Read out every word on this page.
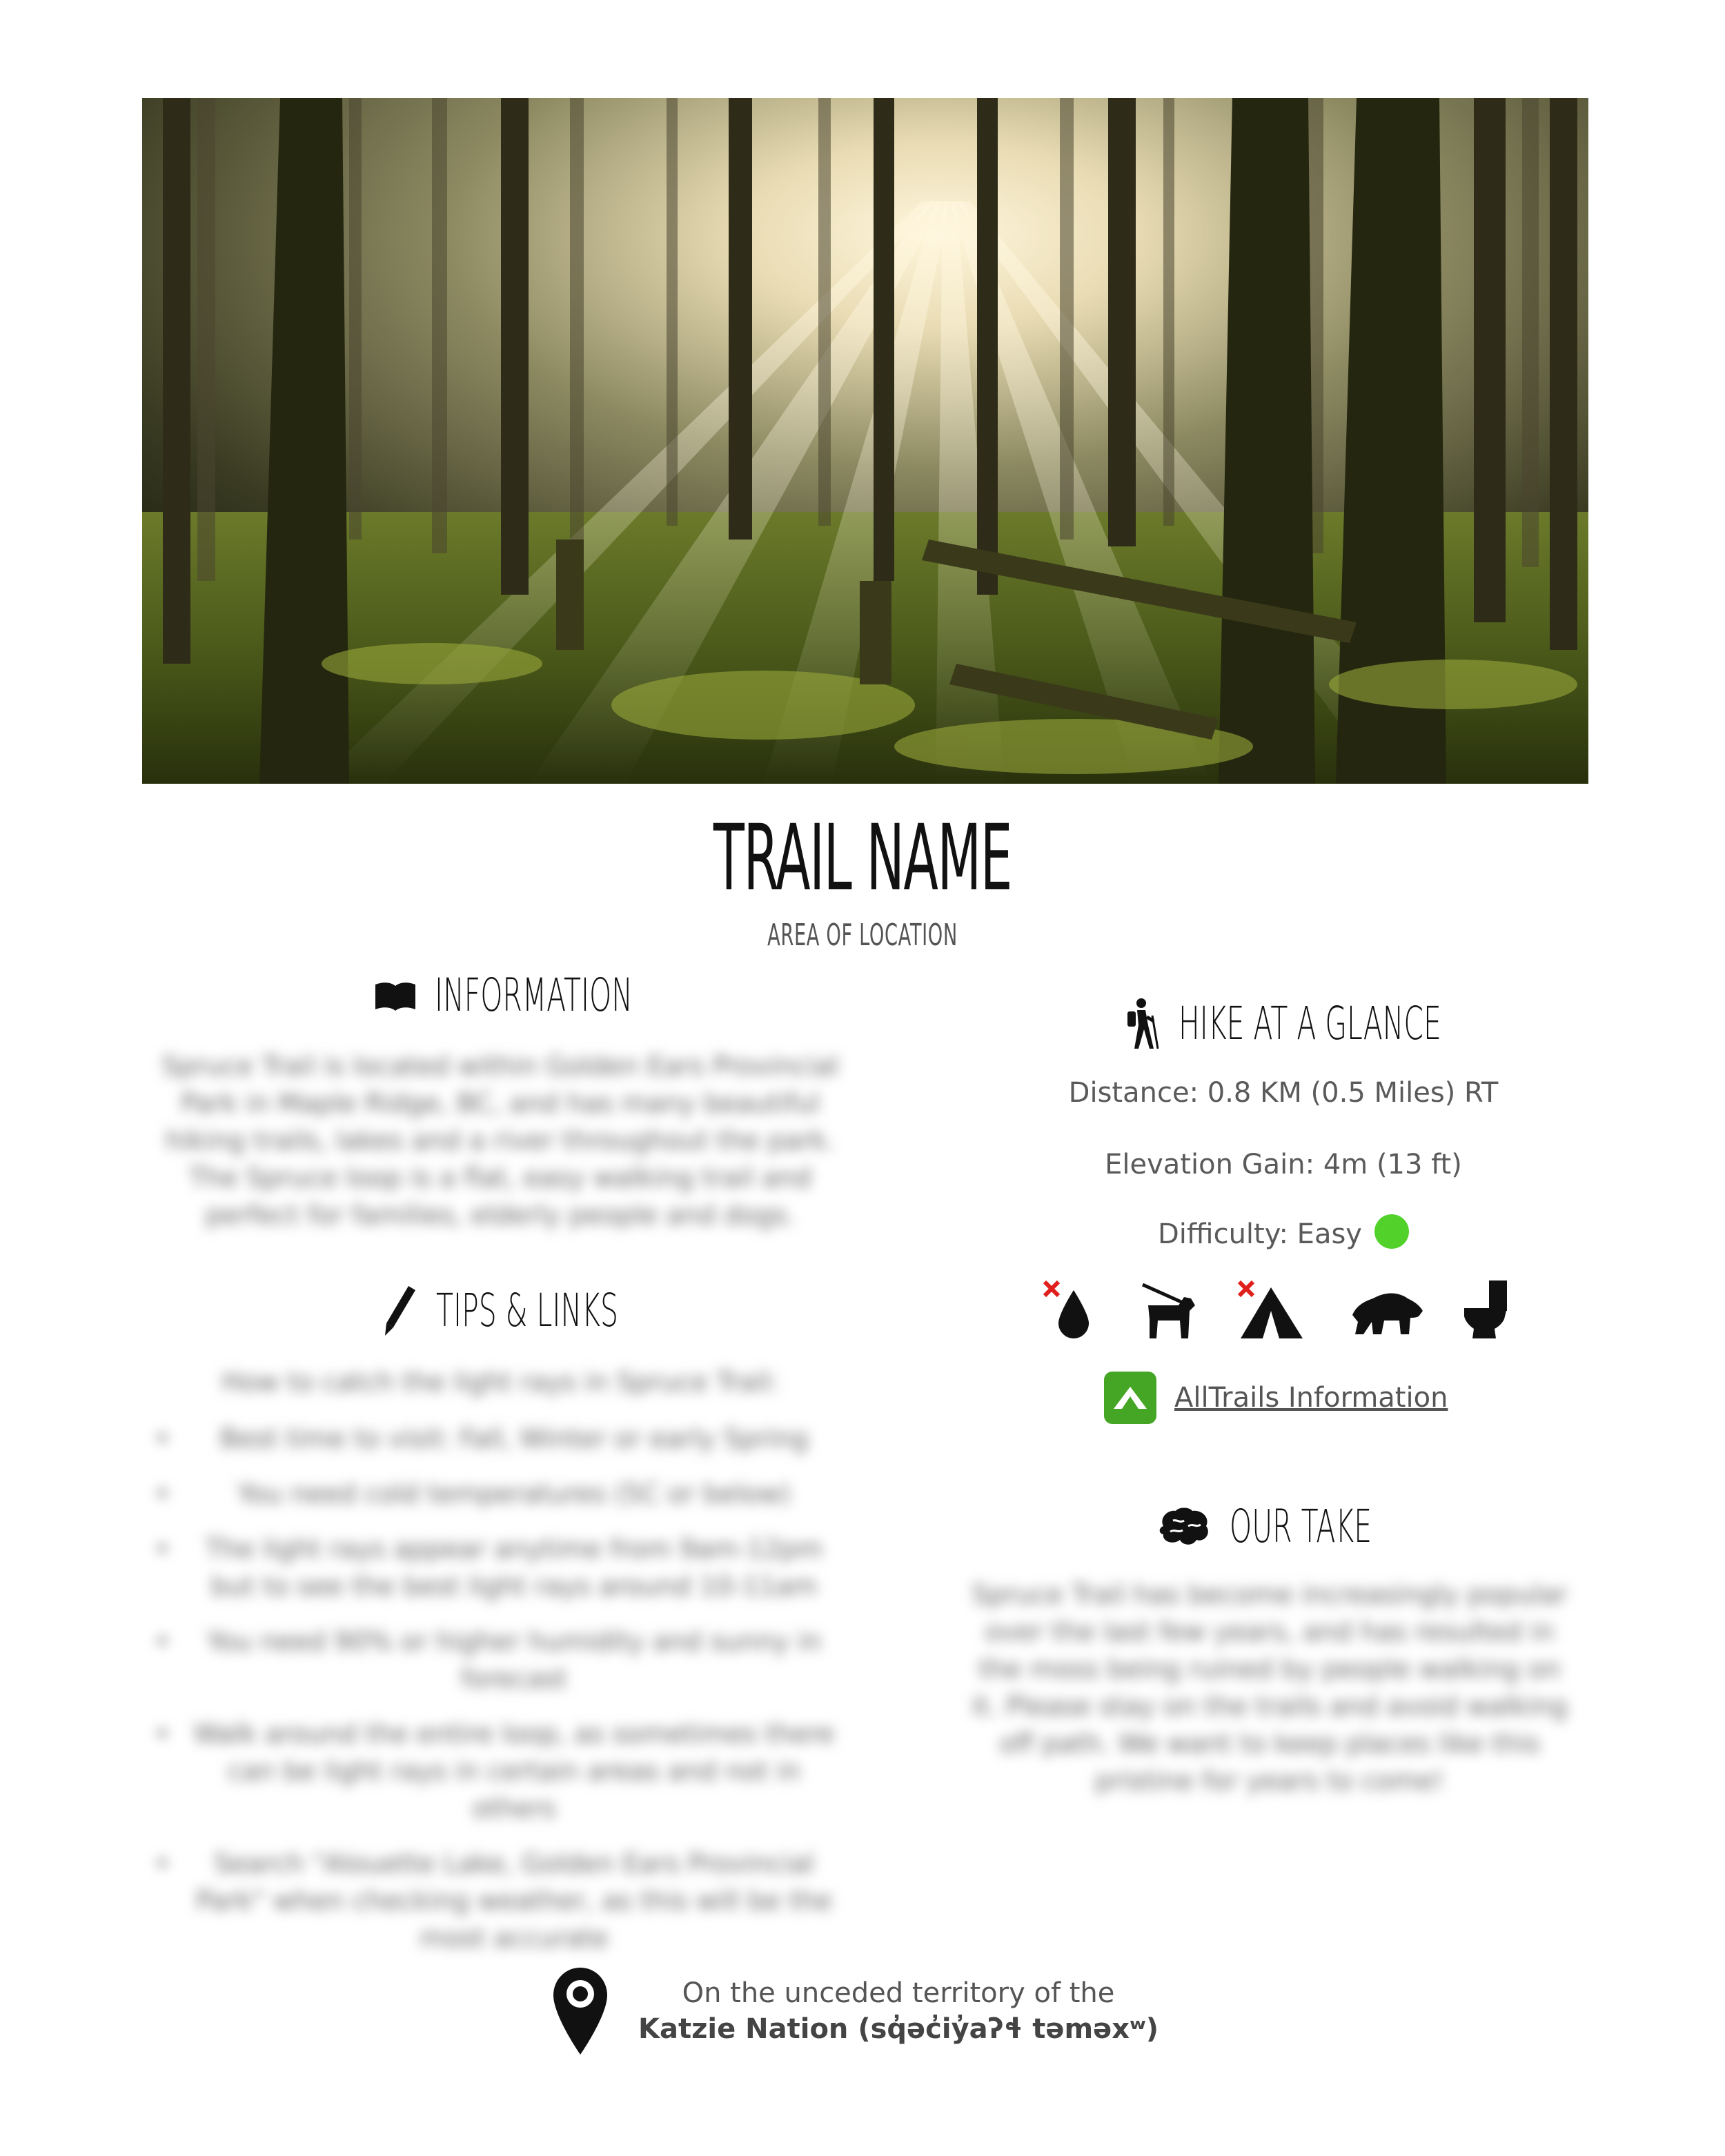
TRAIL NAME
AREA OF LOCATION
INFORMATION
Spruce Trail is located within Golden Ears Provincial Park in Maple Ridge, BC, and has many beautiful hiking trails, lakes and a river throughout the park. The Spruce loop is a flat, easy walking trail and perfect for families, elderly people and dogs.
TIPS & LINKS
How to catch the light rays in Spruce Trail:
• Best time to visit: Fall, Winter or early Spring
• You need cold temperatures (5C or below)
• The light rays appear anytime from 9am-12pm but to see the best light rays around 10-11am
• You need 90% or higher humidity and sunny in forecast
• Walk around the entire loop, as sometimes there can be light rays in certain areas and not in others
• Search "Alouette Lake, Golden Ears Provincial Park" when checking weather, as this will be the most accurate
HIKE AT A GLANCE
Distance: 0.8 KM (0.5 Miles) RT
Elevation Gain: 4m (13 ft)
Difficulty: Easy
AllTrails Information
OUR TAKE
Spruce Trail has become increasingly popular over the last few years, and has resulted in the moss being ruined by people walking on it. Please stay on the trails and avoid walking off path. We want to keep places like this pristine for years to come!
On the unceded territory of the Katzie Nation (sq̓əc̓iy̓aʔɬ təməxʷ)
